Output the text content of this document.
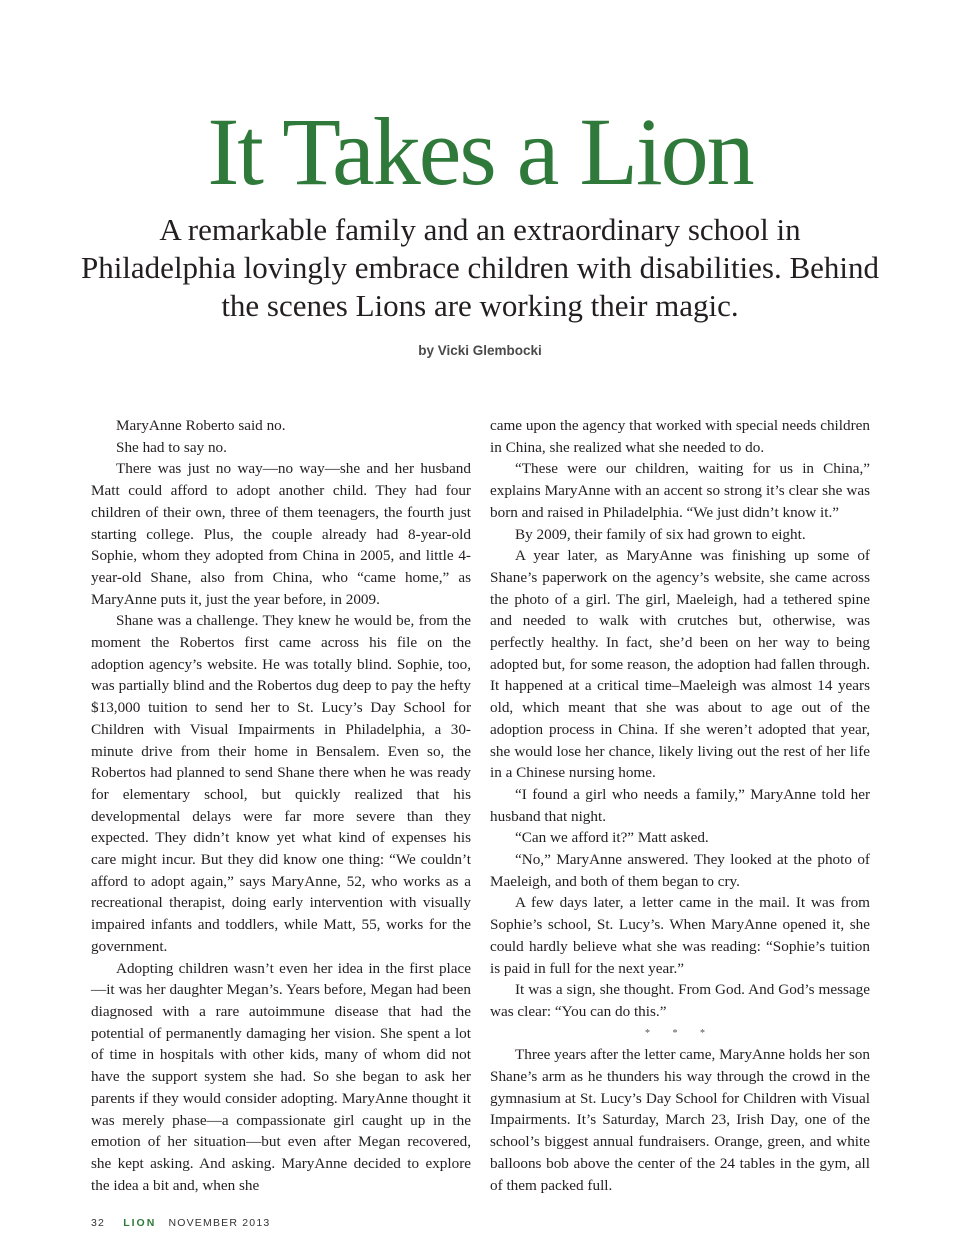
It Takes a Lion
A remarkable family and an extraordinary school in Philadelphia lovingly embrace children with disabilities. Behind the scenes Lions are working their magic.
by Vicki Glembocki

MaryAnne Roberto said no.

She had to say no.

There was just no way—no way—she and her husband Matt could afford to adopt another child. They had four children of their own, three of them teenagers, the fourth just starting college. Plus, the couple already had 8-year-old Sophie, whom they adopted from China in 2005, and little 4-year-old Shane, also from China, who “came home,” as MaryAnne puts it, just the year before, in 2009.

Shane was a challenge. They knew he would be, from the moment the Robertos first came across his file on the adoption agency’s website. He was totally blind. Sophie, too, was partially blind and the Robertos dug deep to pay the hefty $13,000 tuition to send her to St. Lucy’s Day School for Children with Visual Impairments in Philadelphia, a 30-minute drive from their home in Bensalem. Even so, the Robertos had planned to send Shane there when he was ready for elementary school, but quickly realized that his developmental delays were far more severe than they expected. They didn’t know yet what kind of expenses his care might incur. But they did know one thing: “We couldn’t afford to adopt again,” says MaryAnne, 52, who works as a recreational therapist, doing early intervention with visually impaired infants and toddlers, while Matt, 55, works for the government.

Adopting children wasn’t even her idea in the first place—it was her daughter Megan’s. Years before, Megan had been diagnosed with a rare autoimmune disease that had the potential of permanently damaging her vision. She spent a lot of time in hospitals with other kids, many of whom did not have the support system she had. So she began to ask her parents if they would consider adopting. MaryAnne thought it was merely phase—a compassionate girl caught up in the emotion of her situation—but even after Megan recovered, she kept asking. And asking. MaryAnne decided to explore the idea a bit and, when she

came upon the agency that worked with special needs children in China, she realized what she needed to do.

“These were our children, waiting for us in China,” explains MaryAnne with an accent so strong it’s clear she was born and raised in Philadelphia. “We just didn’t know it.”

By 2009, their family of six had grown to eight.

A year later, as MaryAnne was finishing up some of Shane’s paperwork on the agency’s website, she came across the photo of a girl. The girl, Maeleigh, had a tethered spine and needed to walk with crutches but, otherwise, was perfectly healthy. In fact, she’d been on her way to being adopted but, for some reason, the adoption had fallen through. It happened at a critical time–Maeleigh was almost 14 years old, which meant that she was about to age out of the adoption process in China. If she weren’t adopted that year, she would lose her chance, likely living out the rest of her life in a Chinese nursing home.

“I found a girl who needs a family,” MaryAnne told her husband that night.

“Can we afford it?” Matt asked.

“No,” MaryAnne answered. They looked at the photo of Maeleigh, and both of them began to cry.

A few days later, a letter came in the mail. It was from Sophie’s school, St. Lucy’s. When MaryAnne opened it, she could hardly believe what she was reading: “Sophie’s tuition is paid in full for the next year.”

It was a sign, she thought. From God. And God’s message was clear: “You can do this.”

* * *

Three years after the letter came, MaryAnne holds her son Shane’s arm as he thunders his way through the crowd in the gymnasium at St. Lucy’s Day School for Children with Visual Impairments. It’s Saturday, March 23, Irish Day, one of the school’s biggest annual fundraisers. Orange, green, and white balloons bob above the center of the 24 tables in the gym, all of them packed full.

32 LION NOVEMBER 2013
